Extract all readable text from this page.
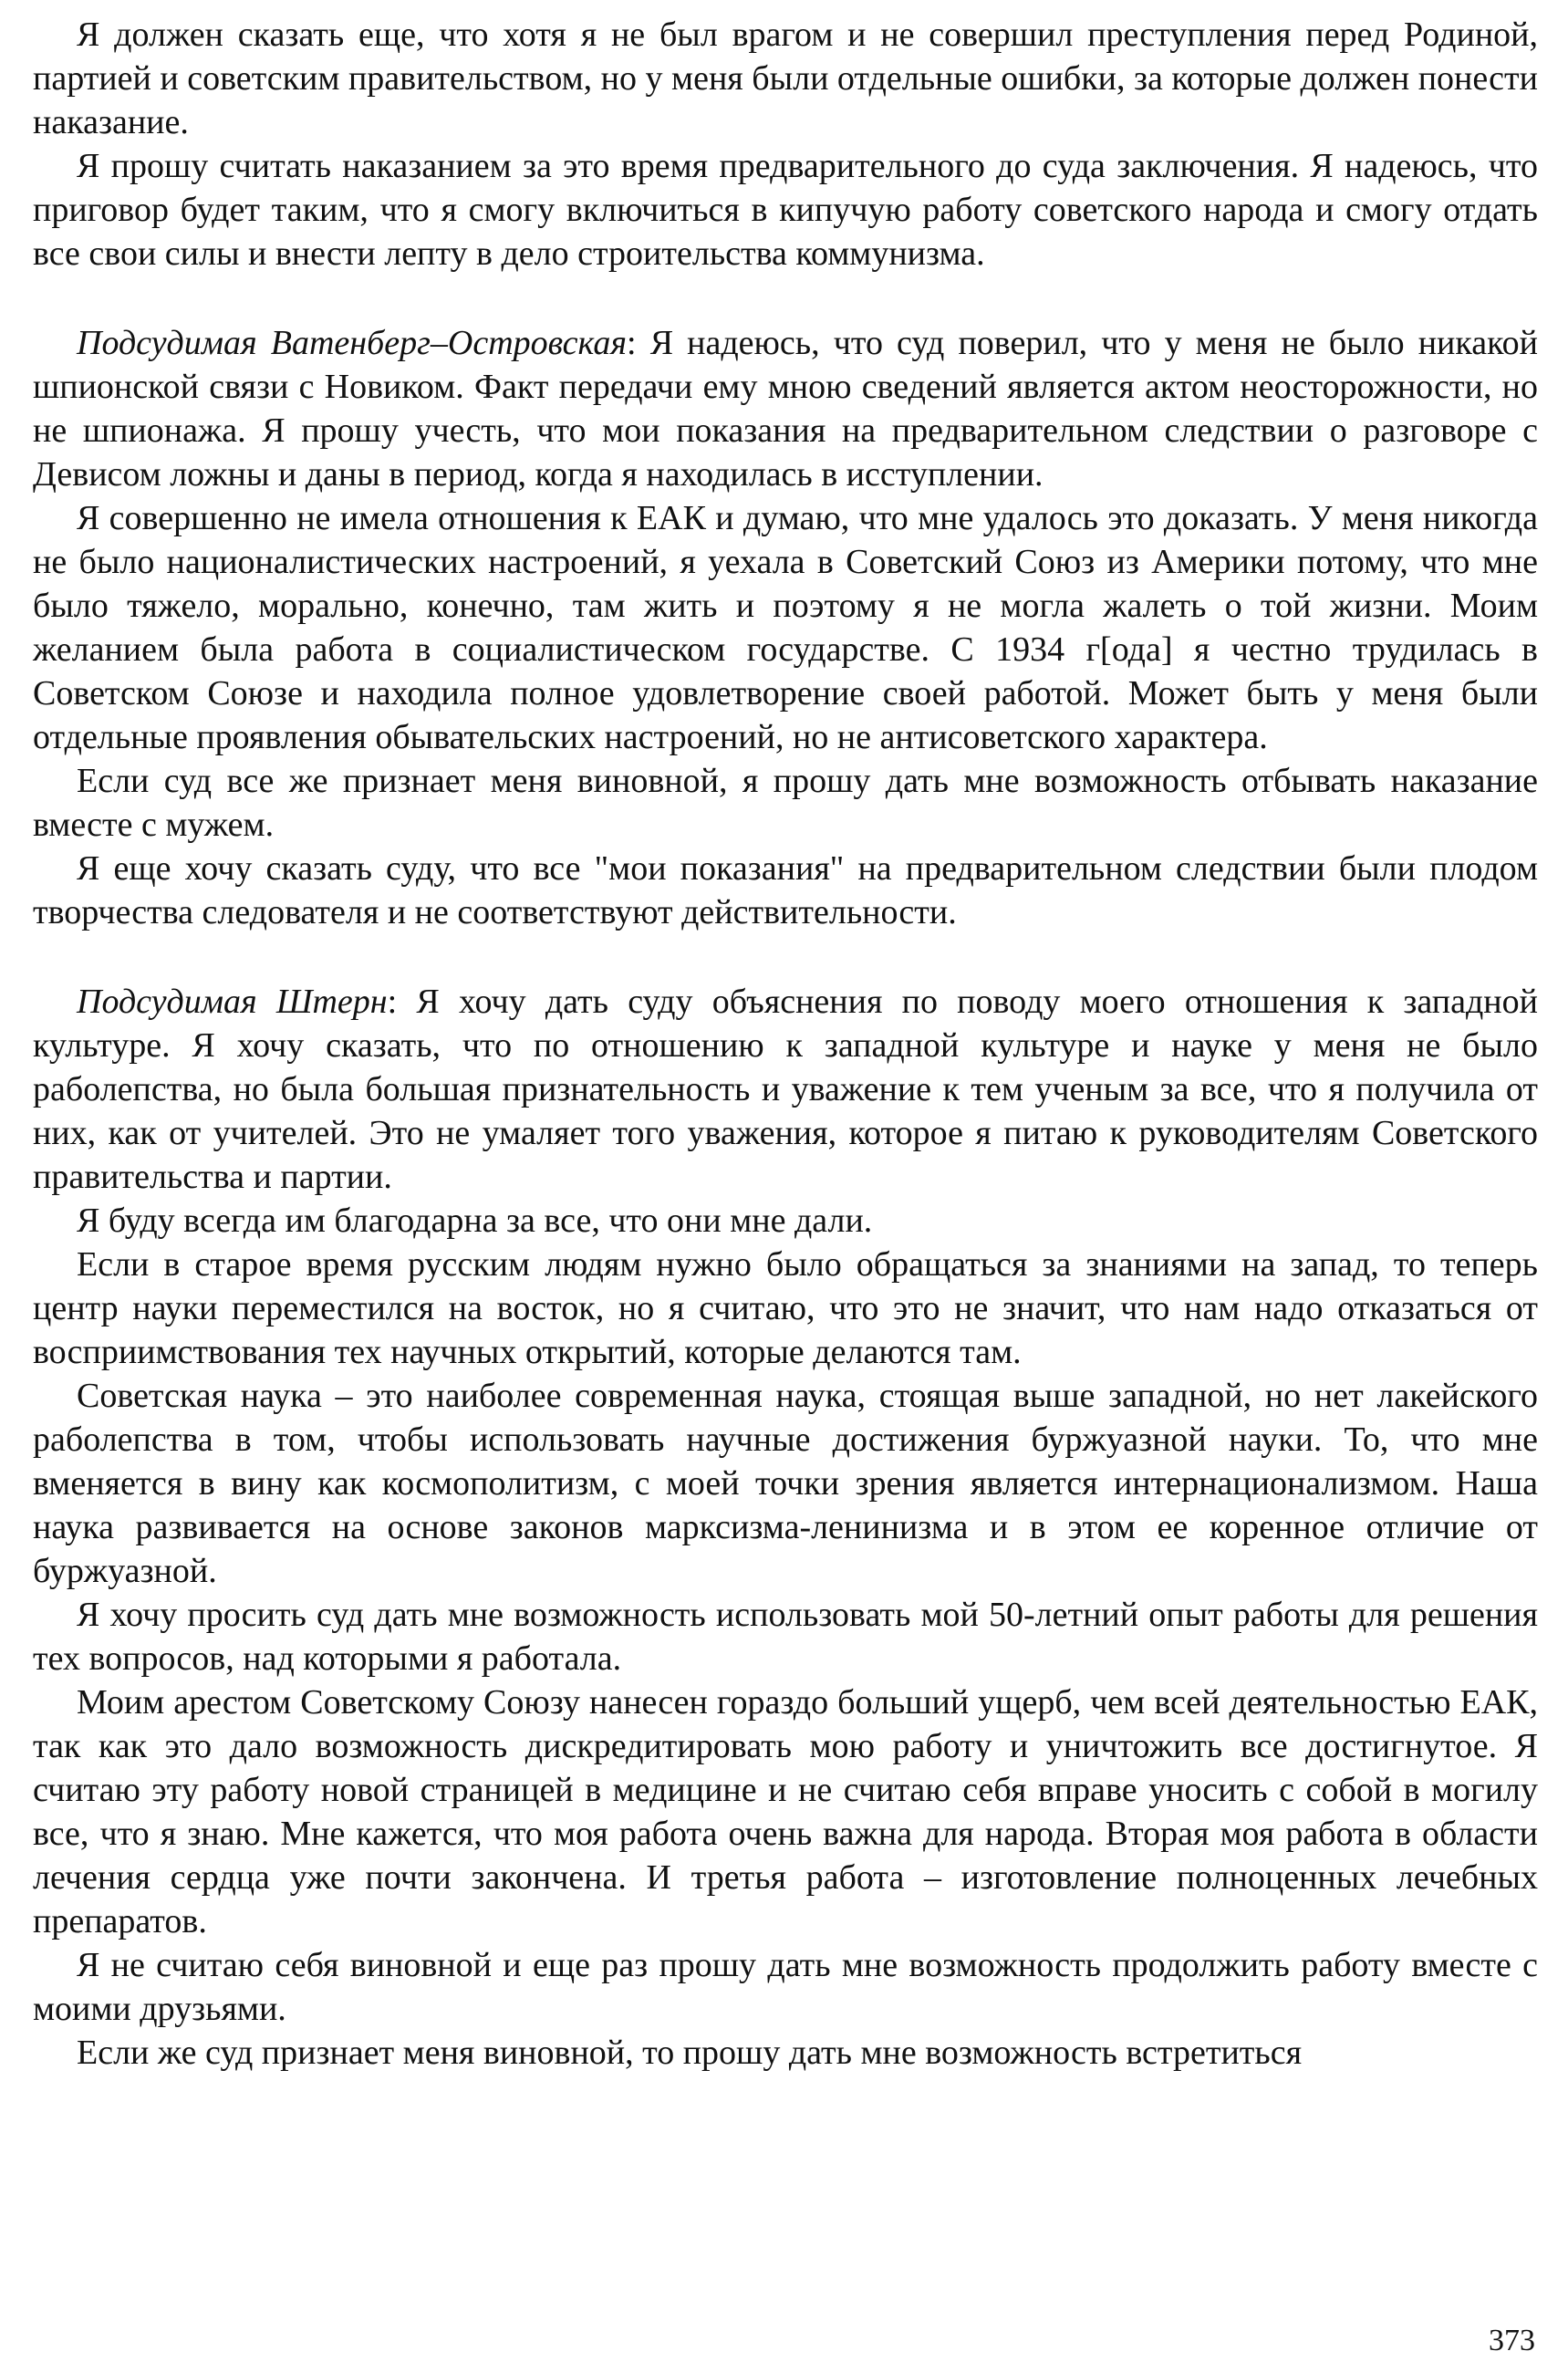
Я должен сказать еще, что хотя я не был врагом и не совершил преступления перед Родиной, партией и советским правительством, но у меня были отдельные ошибки, за которые должен понести наказание.

Я прошу считать наказанием за это время предварительного до суда заключения. Я надеюсь, что приговор будет таким, что я смогу включиться в кипучую работу советского народа и смогу отдать все свои силы и внести лепту в дело строительства коммунизма.

Подсудимая Ватенберг–Островская: Я надеюсь, что суд поверил, что у меня не было никакой шпионской связи с Новиком. Факт передачи ему мною сведений является актом неосторожности, но не шпионажа. Я прошу учесть, что мои показания на предварительном следствии о разговоре с Девисом ложны и даны в период, когда я находилась в исступлении.

Я совершенно не имела отношения к ЕАК и думаю, что мне удалось это доказать. У меня никогда не было националистических настроений, я уехала в Советский Союз из Америки потому, что мне было тяжело, морально, конечно, там жить и поэтому я не могла жалеть о той жизни. Моим желанием была работа в социалистическом государстве. С 1934 г[ода] я честно трудилась в Советском Союзе и находила полное удовлетворение своей работой. Может быть у меня были отдельные проявления обывательских настроений, но не антисоветского характера.

Если суд все же признает меня виновной, я прошу дать мне возможность отбывать наказание вместе с мужем.

Я еще хочу сказать суду, что все "мои показания" на предварительном следствии были плодом творчества следователя и не соответствуют действительности.

Подсудимая Штерн: Я хочу дать суду объяснения по поводу моего отношения к западной культуре. Я хочу сказать, что по отношению к западной культуре и науке у меня не было раболепства, но была большая признательность и уважение к тем ученым за все, что я получила от них, как от учителей. Это не умаляет того уважения, которое я питаю к руководителям Советского правительства и партии.

Я буду всегда им благодарна за все, что они мне дали.

Если в старое время русским людям нужно было обращаться за знаниями на запад, то теперь центр науки переместился на восток, но я считаю, что это не значит, что нам надо отказаться от восприимствования тех научных открытий, которые делаются там.

Советская наука – это наиболее современная наука, стоящая выше западной, но нет лакейского раболепства в том, чтобы использовать научные достижения буржуазной науки. То, что мне вменяется в вину как космополитизм, с моей точки зрения является интернационализмом. Наша наука развивается на основе законов марксизма-ленинизма и в этом ее коренное отличие от буржуазной.

Я хочу просить суд дать мне возможность использовать мой 50-летний опыт работы для решения тех вопросов, над которыми я работала.

Моим арестом Советскому Союзу нанесен гораздо больший ущерб, чем всей деятельностью ЕАК, так как это дало возможность дискредитировать мою работу и уничтожить все достигнутое. Я считаю эту работу новой страницей в медицине и не считаю себя вправе уносить с собой в могилу все, что я знаю. Мне кажется, что моя работа очень важна для народа. Вторая моя работа в области лечения сердца уже почти закончена. И третья работа – изготовление полноценных лечебных препаратов.

Я не считаю себя виновной и еще раз прошу дать мне возможность продолжить работу вместе с моими друзьями.

Если же суд признает меня виновной, то прошу дать мне возможность встретиться

373
